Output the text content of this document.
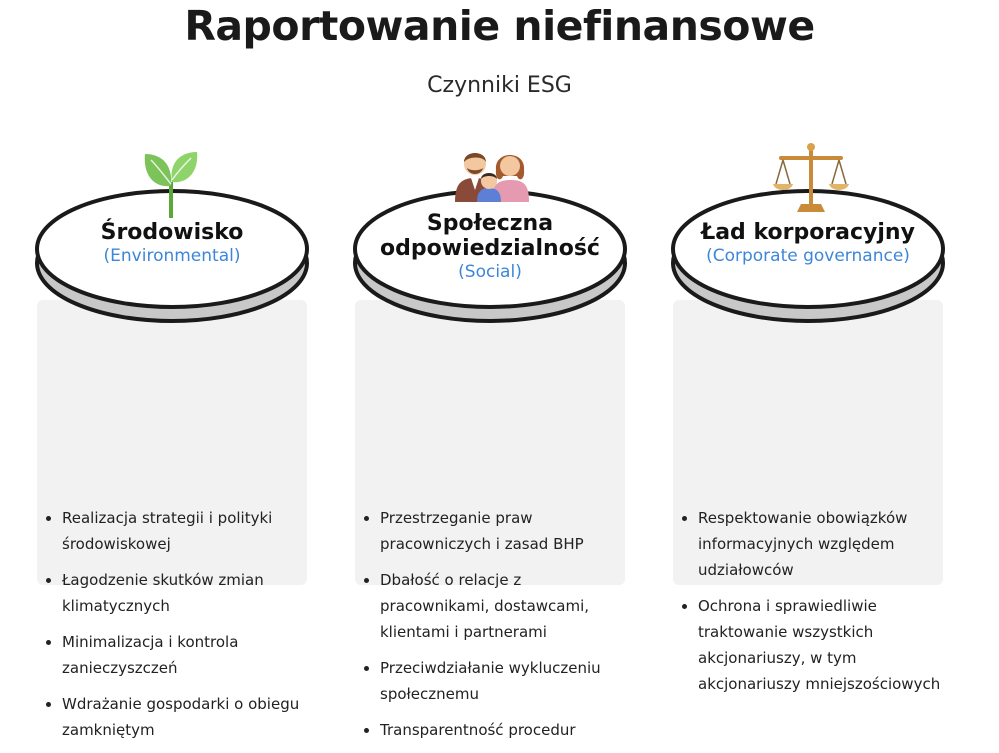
Raportowanie niefinansowe
Czynniki ESG
Realizacja strategii i polityki środowiskowej
Łagodzenie skutków zmian klimatycznych
Minimalizacja i kontrola zanieczyszczeń
Wdrażanie gospodarki o obiegu zamkniętym
Środowisko
(Environmental)
Przestrzeganie praw pracowniczych i zasad BHP
Dbałość o relacje z pracownikami, dostawcami, klientami i partnerami
Przeciwdziałanie wykluczeniu społecznemu
Transparentność procedur
Społeczna
odpowiedzialność
(Social)
Respektowanie obowiązków informacyjnych względem udziałowców
Ochrona i sprawiedliwie traktowanie wszystkich akcjonariuszy, w tym akcjonariuszy mniejszościowych
Ład korporacyjny
(Corporate governance)
